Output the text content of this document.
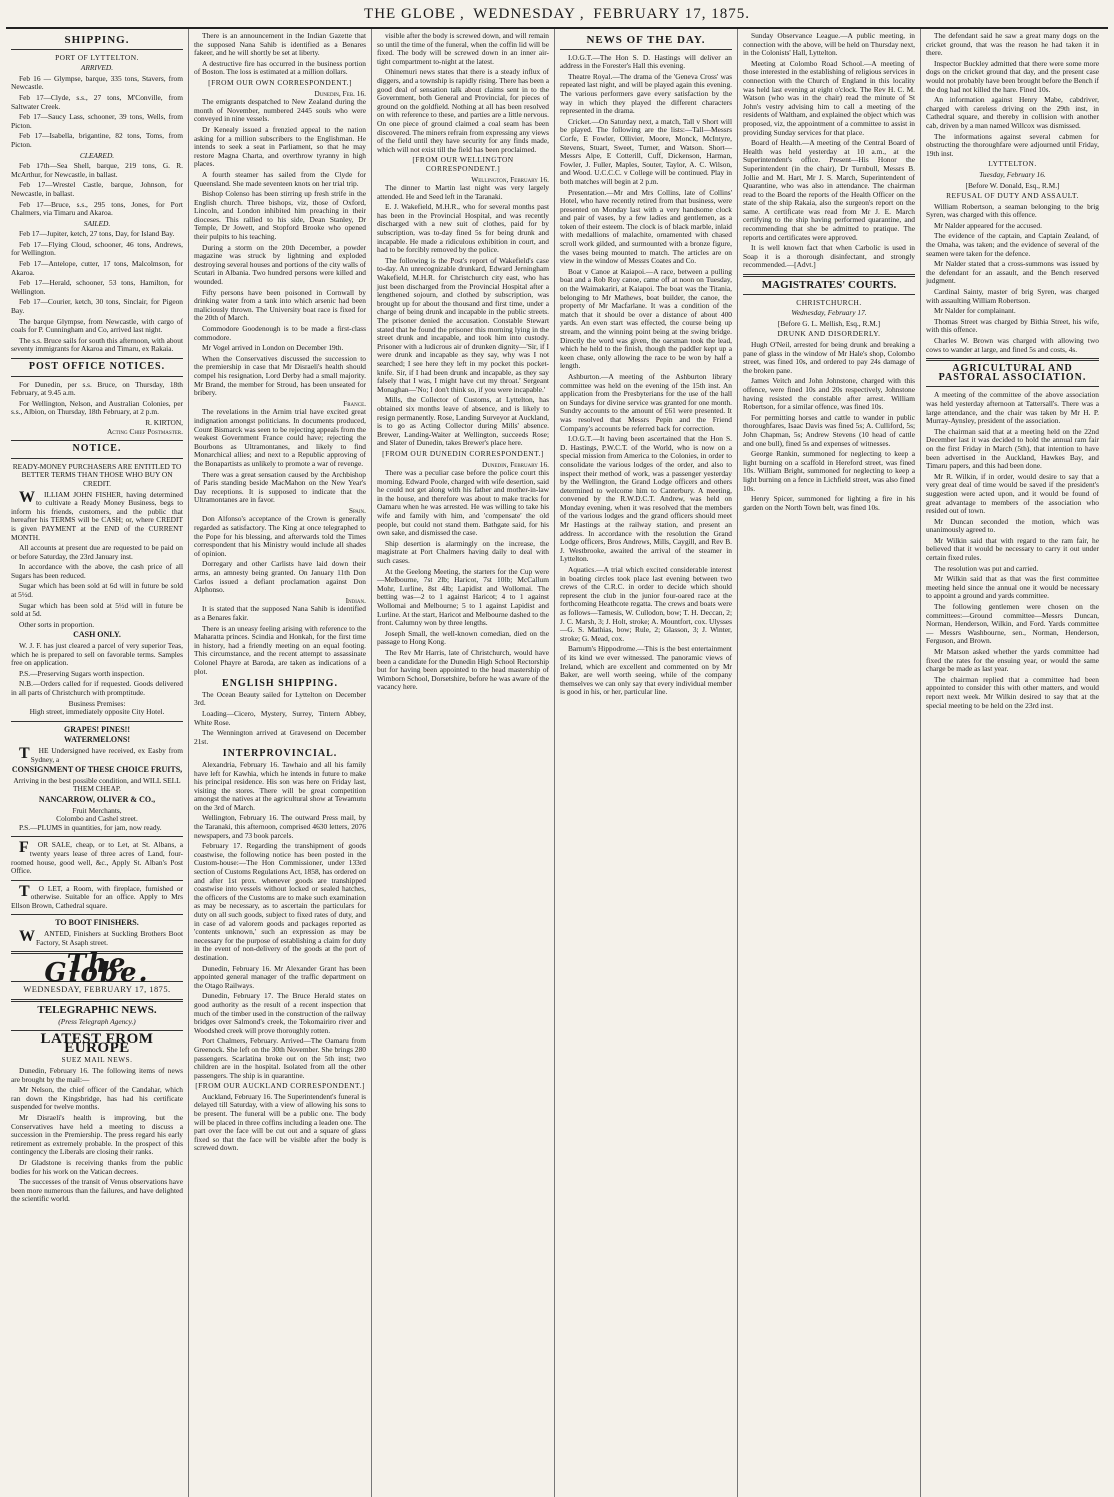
THE GLOBE , WEDNESDAY , FEBRUARY 17, 1875.
SHIPPING.
PORT OF LYTTELTON.
ARRIVED.

Feb 16 — Glympse, barque, 335 tons, Stavers, from Newcastle.

Feb 17—Clyde, s.s., 27 tons, M'Conville, from Saltwater Creek.

Feb 17—Saucy Lass, schooner, 39 tons, Wells, from Picton.

Feb 17—Isabella, brigantine, 82 tons, Toms, from Picton.

CLEARED.

Feb 17th—Sea Shell, barque, 219 tons, G. R. McArthur, for Newcastle, in ballast.

Feb 17—Wrestel Castle, barque, Johnson, for Newcastle, in ballast.

Feb 17—Bruce, s.s., 295 tons, Jones, for Port Chalmers, via Timaru and Akaroa.

SAILED.

Feb 17—Jupiter, ketch, 27 tons, Day, for Island Bay.

Feb 17—Flying Cloud, schooner, 46 tons, Andrews, for Wellington.

Feb 17—Antelope, cutter, 17 tons, Malcolmson, for Akaroa.

Feb 17—Herald, schooner, 53 tons, Hamilton, for Wellington.

Feb 17—Courier, ketch, 30 tons, Sinclair, for Pigeon Bay.

The barque Glympse, from Newcastle, with cargo of coals for P. Cunningham and Co, arrived last night.

The s.s. Bruce sails for south this afternoon, with about seventy immigrants for Akaroa and Timaru, ex Rakaia.

POST OFFICE NOTICES.

For Dunedin, per s.s. Bruce, on Thursday, 18th February, at 9.45 a.m.

For Wellington, Nelson, and Australian Colonies, per s.s., Albion, on Thursday, 18th February, at 2 p.m.

R. KIRTON,
Acting Chief Postmaster.
NOTICE.

READY-MONEY PURCHASERS ARE ENTITLED TO BETTER TERMS THAN THOSE WHO BUY ON CREDIT.

WILLIAM JOHN FISHER, having determined to cultivate a Ready Money Business, begs to inform his friends, customers, and the public that hereafter his TERMS will be CASH; or, where CREDIT is given PAYMENT at the END of the CURRENT MONTH.

All accounts at present due are requested to be paid on or before Saturday, the 23rd January inst.

In accordance with the above, the cash price of all Sugars has been reduced.

Sugar which has been sold at 6d will in future be sold at 5½d.

Sugar which has been sold at 5½d will in future be sold at 5d.

Other sorts in proportion.

CASH ONLY.

W. J. F. has just cleared a parcel of very superior Teas, which he is prepared to sell on favorable terms. Samples free on application.

P.S.—Preserving Sugars worth inspection.

N.B.—Orders called for if requested. Goods delivered in all parts of Christchurch with promptitude.

Business Premises:
High street, immediately opposite City Hotel.
GRAPES! PINES!!
WATERMELONS!

THE Undersigned have received, ex Easby from Sydney, a

CONSIGNMENT OF THESE CHOICE FRUITS,

Arriving in the best possible condition, and WILL SELL THEM CHEAP.

NANCARROW, OLIVER & CO.,
Fruit Merchants,
Colombo and Cashel street.

P.S.—PLUMS in quantities, for jam, now ready.

FOR SALE, cheap, or to Let, at St. Albans, a twenty years lease of three acres of Land, four-roomed house, good well, &c., Apply St. Alban's Post Office.

TO LET, a Room, with fireplace, furnished or otherwise. Suitable for an office. Apply to Mrs Ellson Brown, Cathedral square.

TO BOOT FINISHERS.

WANTED, Finishers at Suckling Brothers Boot Factory, St Asaph street.

The Globe.
WEDNESDAY, FEBRUARY 17, 1875.
TELEGRAPHIC NEWS.
(Press Telegraph Agency.)
LATEST FROM EUROPE
SUEZ MAIL NEWS.

Dunedin, February 16. The following items of news are brought by the mail:—

Mr Nelson, the chief officer of the Candahar, which ran down the Kingsbridge, has had his certificate suspended for twelve months.

Mr Disraeli's health is improving, but the Conservatives have held a meeting to discuss a succession in the Premiership. The press regard his early retirement as extremely probable. In the prospect of this contingency the Liberals are closing their ranks.

Dr Gladstone is receiving thanks from the public bodies for his work on the Vatican decrees.

The successes of the transit of Venus observations have been more numerous than the failures, and have delighted the scientific world.

There is an announcement in the Indian Gazette that the supposed Nana Sahib is identified as a Benares fakeer, and he will shortly be set at liberty.

A destructive fire has occurred in the business portion of Boston. The loss is estimated at a million dollars.

[FROM OUR OWN CORRESPONDENT.]
Dunedin, Feb. 16.

The emigrants despatched to New Zealand during the month of November, numbered 2445 souls who were conveyed in nine vessels.

Dr Kenealy issued a frenzied appeal to the nation asking for a million subscribers to the Englishman. He intends to seek a seat in Parliament, so that he may restore Magna Charta, and overthrow tyranny in high places.

A fourth steamer has sailed from the Clyde for Queensland. She made seventeen knots on her trial trip.

Bishop Colenso has been stirring up fresh strife in the English church. Three bishops, viz, those of Oxford, Lincoln, and London inhibited him preaching in their dioceses. This rallied to his side, Dean Stanley, Dr Temple, Dr Jowett, and Stopford Brooke who opened their pulpits to his teaching.

During a storm on the 20th December, a powder magazine was struck by lightning and exploded destroying several houses and portions of the city walls of Scutari in Albania. Two hundred persons were killed and wounded.

Fifty persons have been poisoned in Cornwall by drinking water from a tank into which arsenic had been maliciously thrown. The University boat race is fixed for the 20th of March.

Commodore Goodenough is to be made a first-class commodore.

Mr Vogel arrived in London on December 19th.

When the Conservatives discussed the succession to the premiership in case that Mr Disraeli's health should compel his resignation, Lord Derby had a small majority. Mr Brand, the member for Stroud, has been unseated for bribery.

France.

The revelations in the Arnim trial have excited great indignation amongst politicians. In documents produced, Count Bismarck was seen to be rejecting appeals from the weakest Government France could have; rejecting the Bourbons as Ultramontanes, and likely to find Monarchical allies; and next to a Republic approving of the Bonapartists as unlikely to promote a war of revenge.

There was a great sensation caused by the Archbishop of Paris standing beside MacMahon on the New Year's Day receptions. It is supposed to indicate that the Ultramontanes are in favor.

Spain.

Don Alfonso's acceptance of the Crown is generally regarded as satisfactory. The King at once telegraphed to the Pope for his blessing, and afterwards told the Times correspondent that his Ministry would include all shades of opinion.

Dorregary and other Carlists have laid down their arms, an amnesty being granted. On January 11th Don Carlos issued a defiant proclamation against Don Alphonso.

Indian.

It is stated that the supposed Nana Sahib is identified as a Benares fakir.

There is an uneasy feeling arising with reference to the Maharatta princes. Scindia and Honkah, for the first time in history, had a friendly meeting on an equal footing. This circumstance, and the recent attempt to assassinate Colonel Phayre at Baroda, are taken as indications of a plot.

ENGLISH SHIPPING.

The Ocean Beauty sailed for Lyttelton on December 3rd.

Loading—Cicero, Mystery, Surrey, Tintern Abbey, White Rose.

The Wennington arrived at Gravesend on December 21st.

INTERPROVINCIAL.

Alexandria, February 16. Tawhaio and all his family have left for Kawhia, which he intends in future to make his principal residence. His son was here on Friday last, visiting the stores. There will be great competition amongst the natives at the agricultural show at Tewamutu on the 3rd of March.

Wellington, February 16. The outward Press mail, by the Taranaki, this afternoon, comprised 4630 letters, 2076 newspapers, and 73 book parcels.

February 17. Regarding the transhipment of goods coastwise, the following notice has been posted in the Custom-house:—The Hon Commissioner, under 133rd section of Customs Regulations Act, 1858, has ordered on and after 1st prox. whenever goods are transhipped coastwise into vessels without locked or sealed hatches, the officers of the Customs are to make such examination as may be necessary, as to ascertain the particulars for duty on all such goods, subject to fixed rates of duty, and in case of ad valorem goods and packages reported as 'contents unknown,' such an expression as may be necessary for the purpose of establishing a claim for duty in the event of non-delivery of the goods at the port of destination.

Dunedin, February 16. Mr Alexander Grant has been appointed general manager of the traffic department on the Otago Railways.

Dunedin, February 17. The Bruce Herald states on good authority as the result of a recent inspection that much of the timber used in the construction of the railway bridges over Salmond's creek, the Tokomairiro river and Woodshed creek will prove thoroughly rotten.

Port Chalmers, February. Arrived—The Oamaru from Greenock. She left on the 30th November. She brings 280 passengers. Scarlatina broke out on the 5th inst; two children are in the hospital. Isolated from all the other passengers. The ship is in quarantine.

[FROM OUR AUCKLAND CORRESPONDENT.]

Auckland, February 16. The Superintendent's funeral is delayed till Saturday, with a view of allowing his sons to be present. The funeral will be a public one. The body will be placed in three coffins including a leaden one. The part over the face will be cut out and a square of glass fixed so that the face will be visible after the body is screwed down.

visible after the body is screwed down, and will remain so until the time of the funeral, when the coffin lid will be fixed. The body will be screwed down in an inner air-tight compartment to-night at the latest.

Ohinemuri news states that there is a steady influx of diggers, and a township is rapidly rising. There has been a good deal of sensation talk about claims sent in to the Government, both General and Provincial, for pieces of ground on the goldfield. Nothing at all has been resolved on with reference to these, and parties are a little nervous. On one piece of ground claimed a coal seam has been discovered. The miners refrain from expressing any views of the field until they have security for any finds made, which will not exist till the field has been proclaimed.

[FROM OUR WELLINGTON CORRESPONDENT.]
Wellington, February 16.

The dinner to Martin last night was very largely attended. He and Seed left in the Taranaki.

E. J. Wakefield, M.H.R., who for several months past has been in the Provincial Hospital, and was recently discharged with a new suit of clothes, paid for by subscription, was to-day fined 5s for being drunk and incapable. He made a ridiculous exhibition in court, and had to be forcibly removed by the police.

The following is the Post's report of Wakefield's case to-day. An unrecognizable drunkard, Edward Jerningham Wakefield, M.H.R. for Christchurch city east, who has just been discharged from the Provincial Hospital after a lengthened sojourn, and clothed by subscription, was brought up for about the thousand and first time, under a charge of being drunk and incapable in the public streets. The prisoner denied the accusation. Constable Stewart stated that he found the prisoner this morning lying in the street drunk and incapable, and took him into custody. Prisoner with a ludicrous air of drunken dignity—'Sir, if I were drunk and incapable as they say, why was I not searched; I see here they left in my pocket this pocket-knife. Sir, if I had been drunk and incapable, as they say falsely that I was, I might have cut my throat.' Sergeant Monaghan—'No; I don't think so, if you were incapable.'

Mills, the Collector of Customs, at Lyttelton, has obtained six months leave of absence, and is likely to resign permanently. Rose, Landing Surveyor at Auckland, is to go as Acting Collector during Mills' absence. Brewer, Landing-Waiter at Wellington, succeeds Rose; and Slater of Dunedin, takes Brewer's place here.

[FROM OUR DUNEDIN CORRESPONDENT.]
Dunedin, February 16.

There was a peculiar case before the police court this morning. Edward Poole, charged with wife desertion, said he could not get along with his father and mother-in-law in the house, and therefore was about to make tracks for Oamaru when he was arrested. He was willing to take his wife and family with him, and 'compensate' the old people, but could not stand them. Bathgate said, for his own sake, and dismissed the case.

Ship desertion is alarmingly on the increase, the magistrate at Port Chalmers having daily to deal with such cases.

At the Geelong Meeting, the starters for the Cup were—Melbourne, 7st 2lb; Haricot, 7st 10lb; McCallum Mohr, Lurline, 8st 4lb; Lapidist and Wollomai. The betting was—2 to 1 against Haricot; 4 to 1 against Wollomai and Melbourne; 5 to 1 against Lapidist and Lurline. At the start, Haricot and Melbourne dashed to the front. Calumny won by three lengths.

Joseph Small, the well-known comedian, died on the passage to Hong Kong.

The Rev Mr Harris, late of Christchurch, would have been a candidate for the Dunedin High School Rectorship but for having been appointed to the head mastership of Wimborn School, Dorsetshire, before he was aware of the vacancy here.

NEWS OF THE DAY.

I.O.G.T.—The Hon S. D. Hastings will deliver an address in the Forester's Hall this evening.

Theatre Royal.—The drama of the 'Geneva Cross' was repeated last night, and will be played again this evening. The various performers gave every satisfaction by the way in which they played the different characters represented in the drama.

Cricket.—On Saturday next, a match, Tall v Short will be played. The following are the lists:—Tall—Messrs Corfe, E Fowler, Ollivier, Moore, Monck, McIntyre, Stevens, Stuart, Sweet, Turner, and Watson. Short—Messrs Alpe, E Cotterill, Cuff, Dickenson, Harman, Fowler, J. Fuller, Maples, Souter, Taylor, A. C. Wilson, and Wood. U.C.C.C. v College will be continued. Play in both matches will begin at 2 p.m.

Presentation.—Mr and Mrs Collins, late of Collins' Hotel, who have recently retired from that business, were presented on Monday last with a very handsome clock and pair of vases, by a few ladies and gentlemen, as a token of their esteem. The clock is of black marble, inlaid with medallions of malachite, ornamented with chased scroll work gilded, and surmounted with a bronze figure, the vases being mounted to match. The articles are on view in the window of Messrs Coates and Co.

Boat v Canoe at Kaiapoi.—A race, between a pulling boat and a Rob Roy canoe, came off at noon on Tuesday, on the Waimakariri, at Kaiapoi. The boat was the Titania, belonging to Mr Mathews, boat builder, the canoe, the property of Mr Macfarlane. It was a condition of the match that it should be over a distance of about 400 yards. An even start was effected, the course being up stream, and the winning point being at the swing bridge. Directly the word was given, the oarsman took the lead, which he held to the finish, though the paddler kept up a keen chase, only allowing the race to be won by half a length.

Ashburton.—A meeting of the Ashburton library committee was held on the evening of the 15th inst. An application from the Presbyterians for the use of the hall on Sundays for divine service was granted for one month. Sundry accounts to the amount of £61 were presented. It was resolved that Messrs Pepin and the Friend Company's accounts be referred back for correction.

I.O.G.T.—It having been ascertained that the Hon S. D. Hastings, P.W.C.T. of the World, who is now on a special mission from America to the Colonies, in order to consolidate the various lodges of the order, and also to inspect their method of work, was a passenger yesterday by the Wellington, the Grand Lodge officers and others determined to welcome him to Canterbury. A meeting, convened by the R.W.D.C.T. Andrew, was held on Monday evening, when it was resolved that the members of the various lodges and the grand officers should meet Mr Hastings at the railway station, and present an address. In accordance with the resolution the Grand Lodge officers, Bros Andrews, Mills, Caygill, and Rev B. J. Westbrooke, awaited the arrival of the steamer in Lyttelton.

Aquatics.—A trial which excited considerable interest in boating circles took place last evening between two crews of the C.R.C. in order to decide which should represent the club in the junior four-oared race at the forthcoming Heathcote regatta. The crews and boats were as follows—Tamesis, W. Cullodon, bow; T. H. Deccan, 2; J. C. Marsh, 3; J. Holt, stroke; A. Mountfort, cox. Ulysses—G. S. Mathias, bow; Rule, 2; Glasson, 3; J. Winter, stroke; G. Mead, cox.

Barnum's Hippodrome.—This is the best entertainment of its kind we ever witnessed. The panoramic views of Ireland, which are excellent and commented on by Mr Baker, are well worth seeing, while of the company themselves we can only say that every individual member is good in his, or her, particular line.

Sunday Observance League.—A public meeting, in connection with the above, will be held on Thursday next, in the Colonists' Hall, Lyttelton.

Meeting at Colombo Road School.—A meeting of those interested in the establishing of religious services in connection with the Church of England in this locality was held last evening at eight o'clock. The Rev H. C. M. Watson (who was in the chair) read the minute of St John's vestry advising him to call a meeting of the residents of Waltham, and explained the object which was proposed, viz, the appointment of a committee to assist in providing Sunday services for that place.

Board of Health.—A meeting of the Central Board of Health was held yesterday at 10 a.m., at the Superintendent's office. Present—His Honor the Superintendent (in the chair), Dr Turnbull, Messrs B. Jollie and M. Hart, Mr J. S. March, Superintendent of Quarantine, who was also in attendance. The chairman read to the Board the reports of the Health Officer on the state of the ship Rakaia, also the surgeon's report on the same. A certificate was read from Mr J. E. March certifying to the ship having performed quarantine, and recommending that she be admitted to pratique. The reports and certificates were approved.

It is well known fact that when Carbolic is used in Soap it is a thorough disinfectant, and strongly recommended.—[Advt.]

MAGISTRATES' COURTS.
CHRISTCHURCH.
Wednesday, February 17.
[Before G. L. Mellish, Esq., R.M.]
DRUNK AND DISORDERLY.

Hugh O'Neil, arrested for being drunk and breaking a pane of glass in the window of Mr Hale's shop, Colombo street, was fined 10s, and ordered to pay 24s damage of the broken pane.

James Veitch and John Johnstone, charged with this offence, were fined 10s and 20s respectively, Johnstone having resisted the constable after arrest. William Robertson, for a similar offence, was fined 10s.

For permitting horses and cattle to wander in public thoroughfares, Isaac Davis was fined 5s; A. Culliford, 5s; John Chapman, 5s; Andrew Stevens (10 head of cattle and one bull), fined 5s and expenses of witnesses.

George Rankin, summoned for neglecting to keep a light burning on a scaffold in Hereford street, was fined 10s. William Bright, summoned for neglecting to keep a light burning on a fence in Lichfield street, was also fined 10s.

Henry Spicer, summoned for lighting a fire in his garden on the North Town belt, was fined 10s.

The defendant said he saw a great many dogs on the cricket ground, that was the reason he had taken it in there.

Inspector Buckley admitted that there were some more dogs on the cricket ground that day, and the present case would not probably have been brought before the Bench if the dog had not killed the hare. Fined 10s.

An information against Henry Mabe, cabdriver, charged with careless driving on the 29th inst, in Cathedral square, and thereby in collision with another cab, driven by a man named Willcox was dismissed.

The informations against several cabmen for obstructing the thoroughfare were adjourned until Friday, 19th inst.

LYTTELTON.
Tuesday, February 16.
[Before W. Donald, Esq., R.M.]
REFUSAL OF DUTY AND ASSAULT.

William Robertson, a seaman belonging to the brig Syren, was charged with this offence.

Mr Nalder appeared for the accused.

The evidence of the captain, and Captain Zealand, of the Omaha, was taken; and the evidence of several of the seamen were taken for the defence.

Mr Nalder stated that a cross-summons was issued by the defendant for an assault, and the Bench reserved judgment.

Cardinal Sainty, master of brig Syren, was charged with assaulting William Robertson.

Mr Nalder for complainant.

Thomas Street was charged by Bithia Street, his wife, with this offence.

Charles W. Brown was charged with allowing two cows to wander at large, and fined 5s and costs, 4s.

AGRICULTURAL AND PASTORAL ASSOCIATION.

A meeting of the committee of the above association was held yesterday afternoon at Tattersall's. There was a large attendance, and the chair was taken by Mr H. P. Murray-Aynsley, president of the association.

The chairman said that at a meeting held on the 22nd December last it was decided to hold the annual ram fair on the first Friday in March (5th), that intention to have been advertised in the Auckland, Hawkes Bay, and Timaru papers, and this had been done.

Mr R. Wilkin, if in order, would desire to say that a very great deal of time would be saved if the president's suggestion were acted upon, and it would be found of great advantage to members of the association who resided out of town.

Mr Duncan seconded the motion, which was unanimously agreed to.

Mr Wilkin said that with regard to the ram fair, he believed that it would be necessary to carry it out under certain fixed rules.

The resolution was put and carried.

Mr Wilkin said that as that was the first committee meeting held since the annual one it would be necessary to appoint a ground and yards committee.

The following gentlemen were chosen on the committees:—Ground committee—Messrs Duncan, Norman, Henderson, Wilkin, and Ford. Yards committee — Messrs Washbourne, sen., Norman, Henderson, Ferguson, and Brown.

Mr Matson asked whether the yards committee had fixed the rates for the ensuing year, or would the same charge be made as last year.

The chairman replied that a committee had been appointed to consider this with other matters, and would report next week. Mr Wilkin desired to say that at the special meeting to be held on the 23rd inst.
